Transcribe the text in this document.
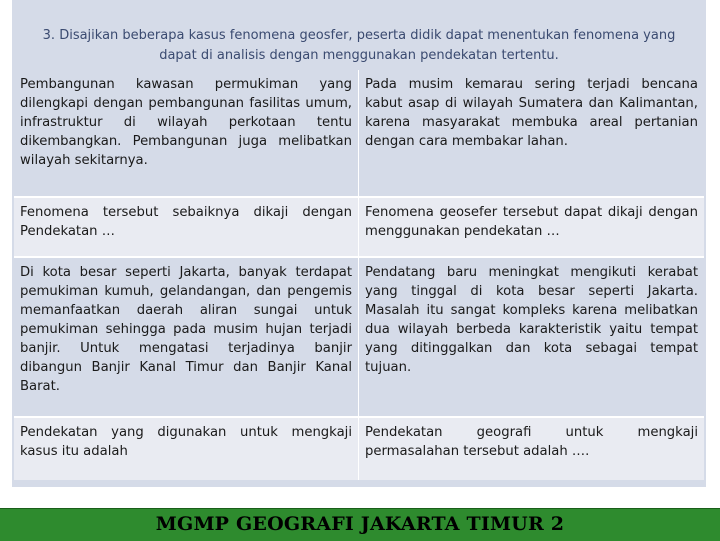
3. Disajikan beberapa kasus fenomena geosfer, peserta didik dapat menentukan fenomena yang
dapat di analisis dengan menggunakan pendekatan tertentu.
Pembangunan kawasan permukiman yang dilengkapi dengan pembangunan fasilitas umum, infrastruktur di wilayah perkotaan tentu dikembangkan. Pembangunan juga melibatkan wilayah sekitarnya.
Pada musim kemarau sering terjadi bencana kabut asap di wilayah Sumatera dan Kalimantan, karena masyarakat membuka areal pertanian dengan cara membakar lahan.
Fenomena tersebut sebaiknya dikaji dengan Pendekatan …
Fenomena geosefer tersebut dapat dikaji dengan menggunakan pendekatan …
Di kota besar seperti Jakarta, banyak terdapat pemukiman kumuh, gelandangan, dan pengemis memanfaatkan daerah aliran sungai untuk pemukiman sehingga pada musim hujan terjadi banjir. Untuk mengatasi terjadinya banjir dibangun Banjir Kanal Timur dan Banjir Kanal Barat.
Pendatang baru meningkat mengikuti kerabat yang tinggal di kota besar seperti Jakarta. Masalah itu sangat kompleks karena melibatkan dua wilayah berbeda karakteristik yaitu tempat yang ditinggalkan dan kota sebagai tempat tujuan.
Pendekatan yang digunakan untuk mengkaji kasus itu adalah
Pendekatan geografi untuk mengkaji permasalahan tersebut adalah ….
MGMP GEOGRAFI JAKARTA TIMUR 2
